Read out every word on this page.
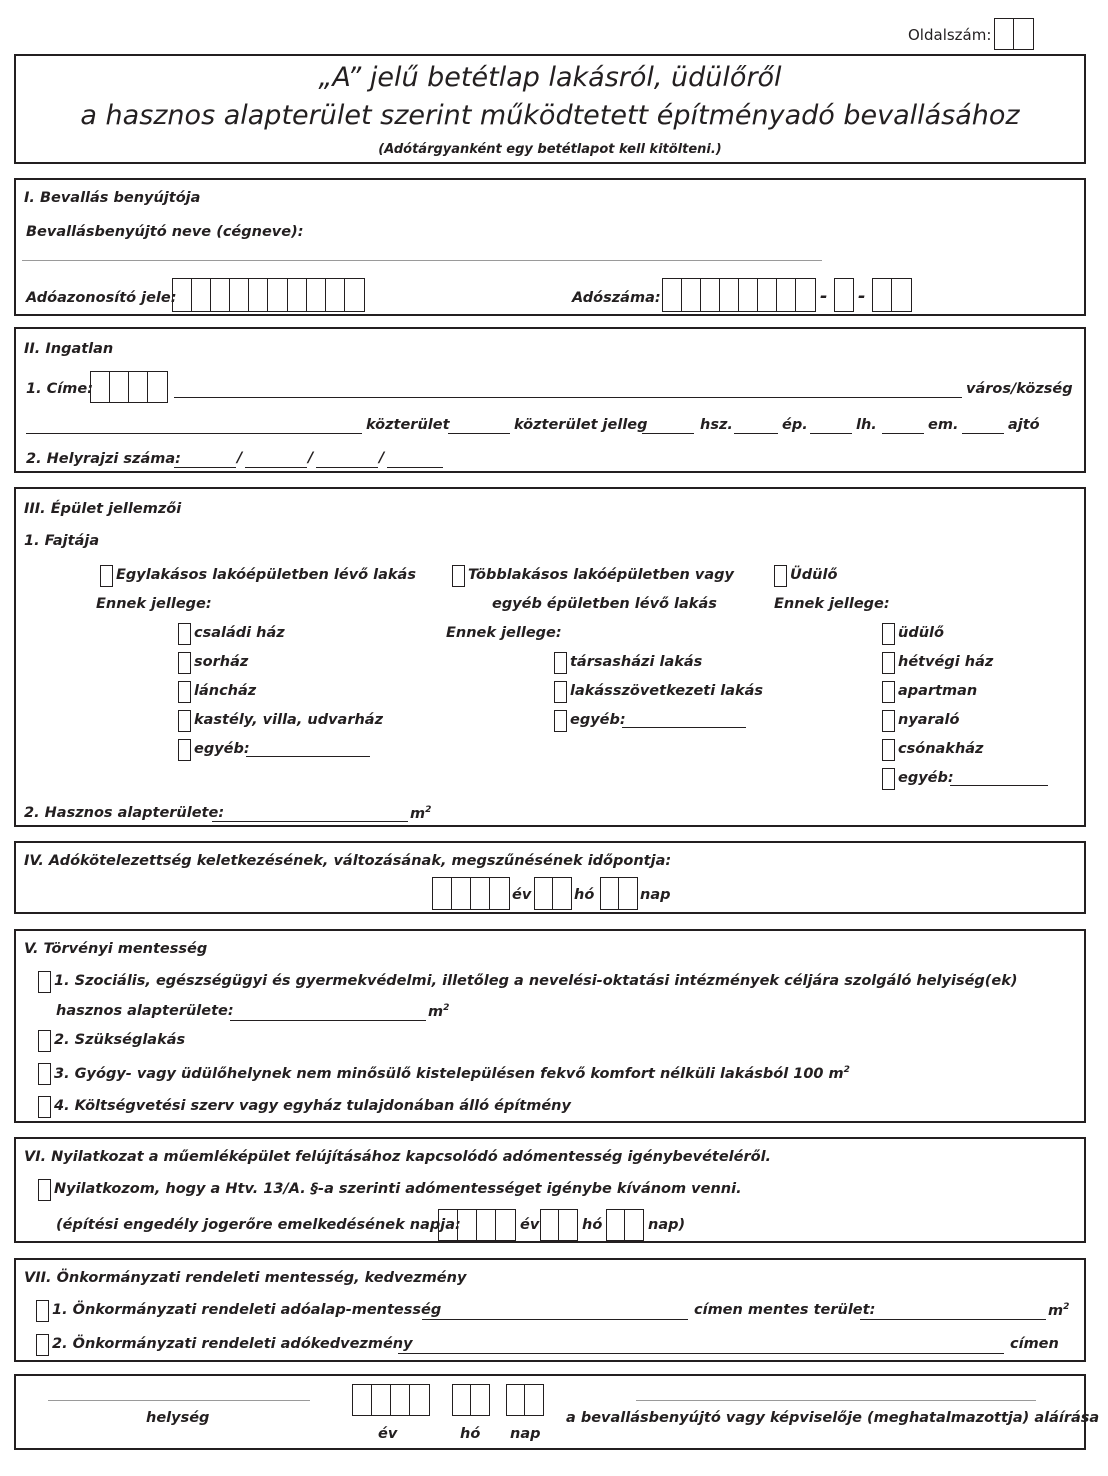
Oldalszám:
„A” jelű betétlap lakásról, üdülőről
a hasznos alapterület szerint működtetett építményadó bevallásához
(Adótárgyanként egy betétlapot kell kitölteni.)
I. Bevallás benyújtója
Bevallásbenyújtó neve (cégneve):
Adóazonosító jele:	Adószáma:	- -
II. Ingatlan
1. Címe:	város/község
közterület	közterület jelleg	hsz.	ép.	lh.	em.	ajtó
2. Helyrajzi száma:	/	/	/
III. Épület jellemzői
1. Fajtája
Egylakásos lakóépületben lévő lakás
Ennek jellege:
családi ház
sorház
láncház
kastély, villa, udvarház
egyéb:
Többlakásos lakóépületben vagy
egyéb épületben lévő lakás
Ennek jellege:
társasházi lakás
lakásszövetkezeti lakás
egyéb:
Üdülő
Ennek jellege:
üdülő
hétvégi ház
apartman
nyaraló
csónakház
egyéb:
2. Hasznos alapterülete:	$m^2$
IV. Adókötelezettség keletkezésének, változásának, megszűnésének időpontja:
év	hó	nap
V. Törvényi mentesség
1. Szociális, egészségügyi és gyermekvédelmi, illetőleg a nevelési-oktatási intézmények céljára szolgáló helyiség(ek)
hasznos alapterülete:	$m^2$
2. Szükséglakás
3. Gyógy- vagy üdülőhelynek nem minősülő kistelepülésen fekvő komfort nélküli lakásból 100 $m^2$
4. Költségvetési szerv vagy egyház tulajdonában álló építmény
VI. Nyilatkozat a műemléképület felújításához kapcsolódó adómentesség igénybevételéről.
Nyilatkozom, hogy a Htv. 13/A. §-a szerinti adómentességet igénybe kívánom venni.
(építési engedély jogerőre emelkedésének napja:	év	hó	nap)
VII. Önkormányzati rendeleti mentesség, kedvezmény
1. Önkormányzati rendeleti adóalap-mentesség	címen mentes terület:	$m^2$
2. Önkormányzati rendeleti adókedvezmény	címen
helység
év	hó nap
a bevallásbenyújtó vagy képviselője (meghatalmazottja) aláírása
